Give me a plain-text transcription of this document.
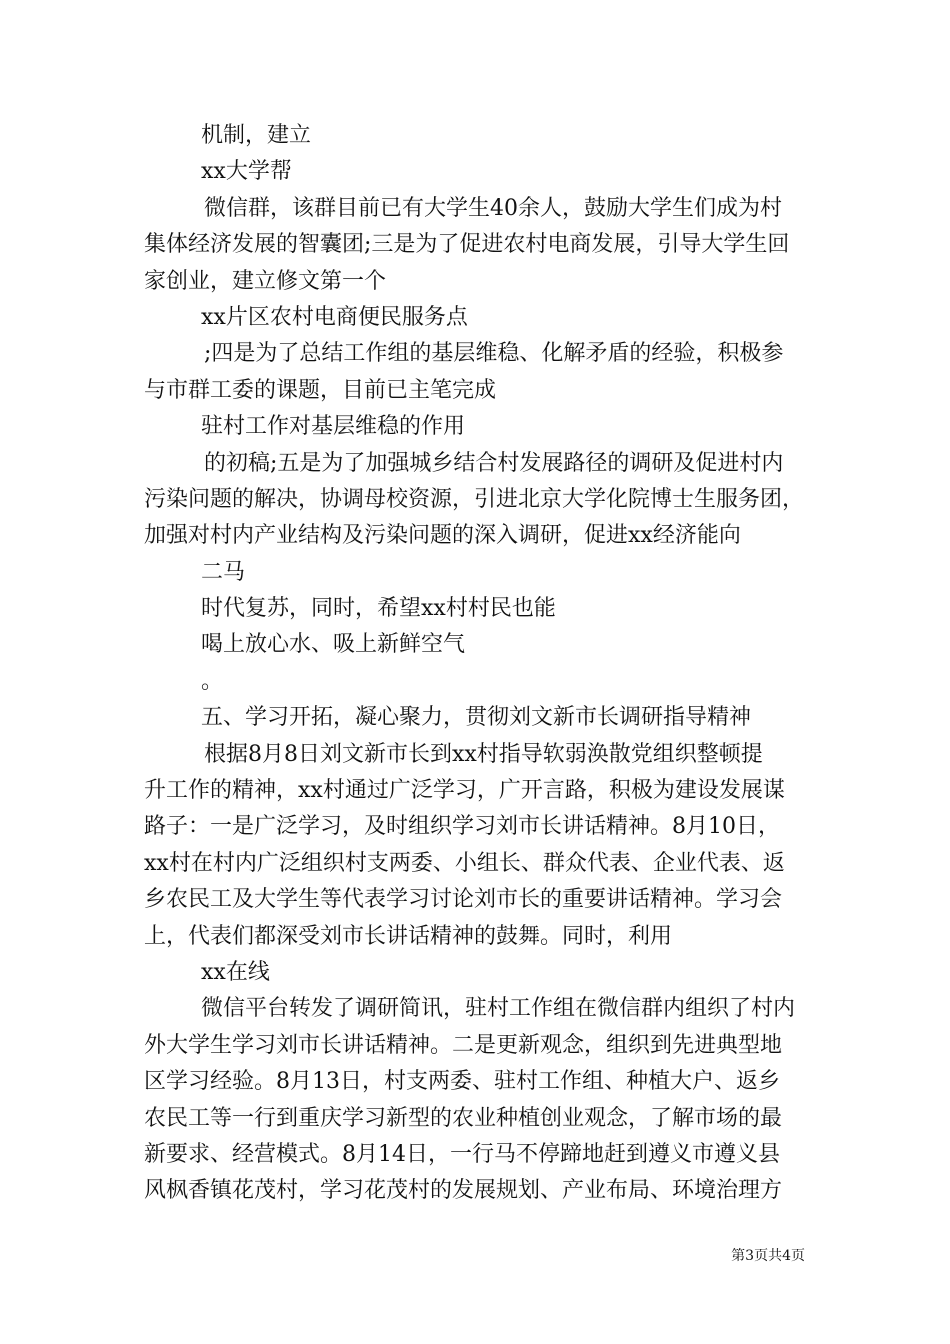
机制，建立
xx大学帮
微信群，该群目前已有大学生40余人，鼓励大学生们成为村
集体经济发展的智囊团;三是为了促进农村电商发展，引导大学生回
家创业，建立修文第一个
xx片区农村电商便民服务点
;四是为了总结工作组的基层维稳、化解矛盾的经验，积极参
与市群工委的课题，目前已主笔完成
驻村工作对基层维稳的作用
的初稿;五是为了加强城乡结合村发展路径的调研及促进村内
污染问题的解决，协调母校资源，引进北京大学化院博士生服务团，
加强对村内产业结构及污染问题的深入调研，促进xx经济能向
二马
时代复苏，同时，希望xx村村民也能
喝上放心水、吸上新鲜空气
。
五、学习开拓，凝心聚力，贯彻刘文新市长调研指导精神
根据8月8日刘文新市长到xx村指导软弱涣散党组织整顿提
升工作的精神，xx村通过广泛学习，广开言路，积极为建设发展谋
路子：一是广泛学习，及时组织学习刘市长讲话精神。8月10日，
xx村在村内广泛组织村支两委、小组长、群众代表、企业代表、返
乡农民工及大学生等代表学习讨论刘市长的重要讲话精神。学习会
上，代表们都深受刘市长讲话精神的鼓舞。同时，利用
xx在线
微信平台转发了调研简讯，驻村工作组在微信群内组织了村内
外大学生学习刘市长讲话精神。二是更新观念，组织到先进典型地
区学习经验。8月13日，村支两委、驻村工作组、种植大户、返乡
农民工等一行到重庆学习新型的农业种植创业观念，了解市场的最
新要求、经营模式。8月14日，一行马不停蹄地赶到遵义市遵义县
风枫香镇花茂村，学习花茂村的发展规划、产业布局、环境治理方
第3页共4页
